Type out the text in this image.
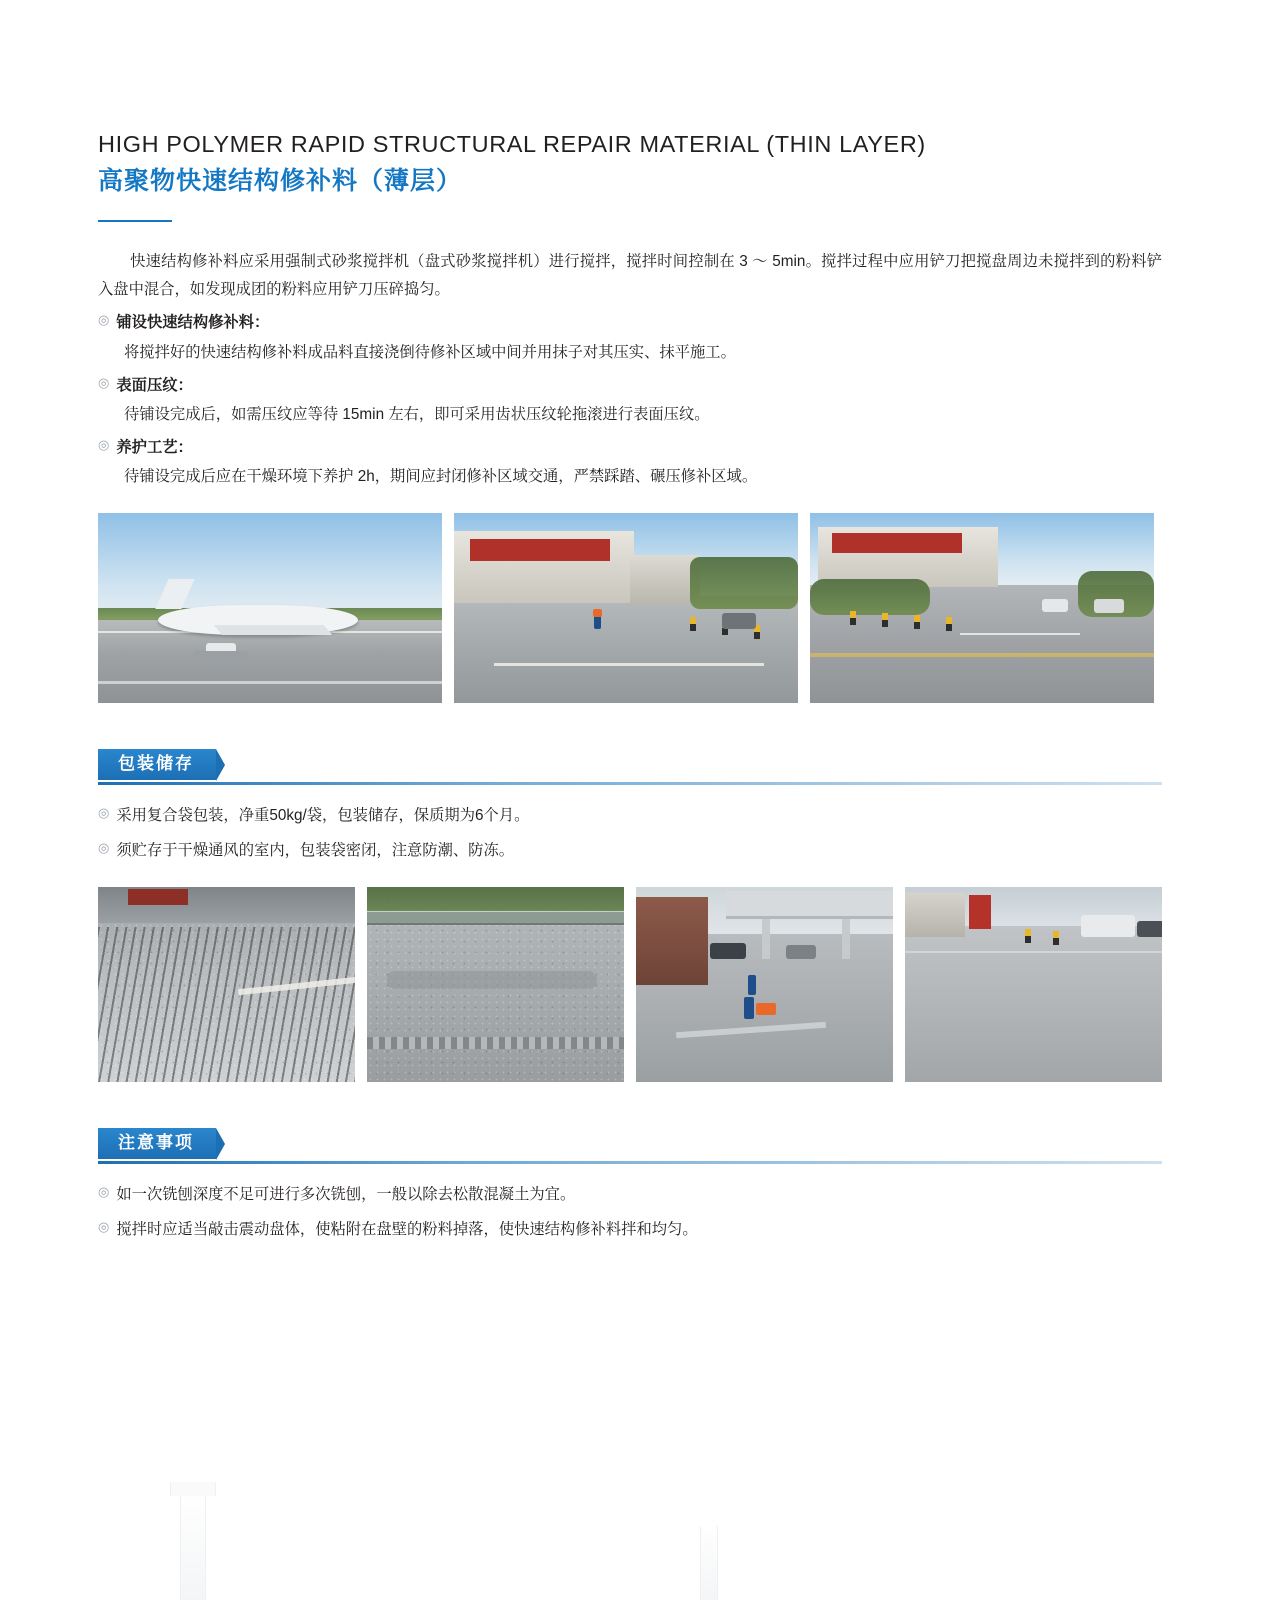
HIGH POLYMER RAPID STRUCTURAL REPAIR MATERIAL (THIN LAYER)
高聚物快速结构修补料（薄层）

快速结构修补料应采用强制式砂浆搅拌机（盘式砂浆搅拌机）进行搅拌，搅拌时间控制在 3 ～ 5min。搅拌过程中应用铲刀把搅盘周边未搅拌到的粉料铲入盘中混合，如发现成团的粉料应用铲刀压碎捣匀。

◎ 铺设快速结构修补料：

将搅拌好的快速结构修补料成品料直接浇倒待修补区域中间并用抹子对其压实、抹平施工。

◎ 表面压纹：

待铺设完成后，如需压纹应等待 15min 左右，即可采用齿状压纹轮拖滚进行表面压纹。

◎ 养护工艺：

待铺设完成后应在干燥环境下养护 2h，期间应封闭修补区域交通，严禁踩踏、碾压修补区域。

包装储存
◎ 采用复合袋包装，净重50kg/袋，包装储存，保质期为6个月。
◎ 须贮存于干燥通风的室内，包装袋密闭，注意防潮、防冻。
注意事项
◎ 如一次铣刨深度不足可进行多次铣刨，一般以除去松散混凝土为宜。
◎ 搅拌时应适当敲击震动盘体，使粘附在盘壁的粉料掉落，使快速结构修补料拌和均匀。
